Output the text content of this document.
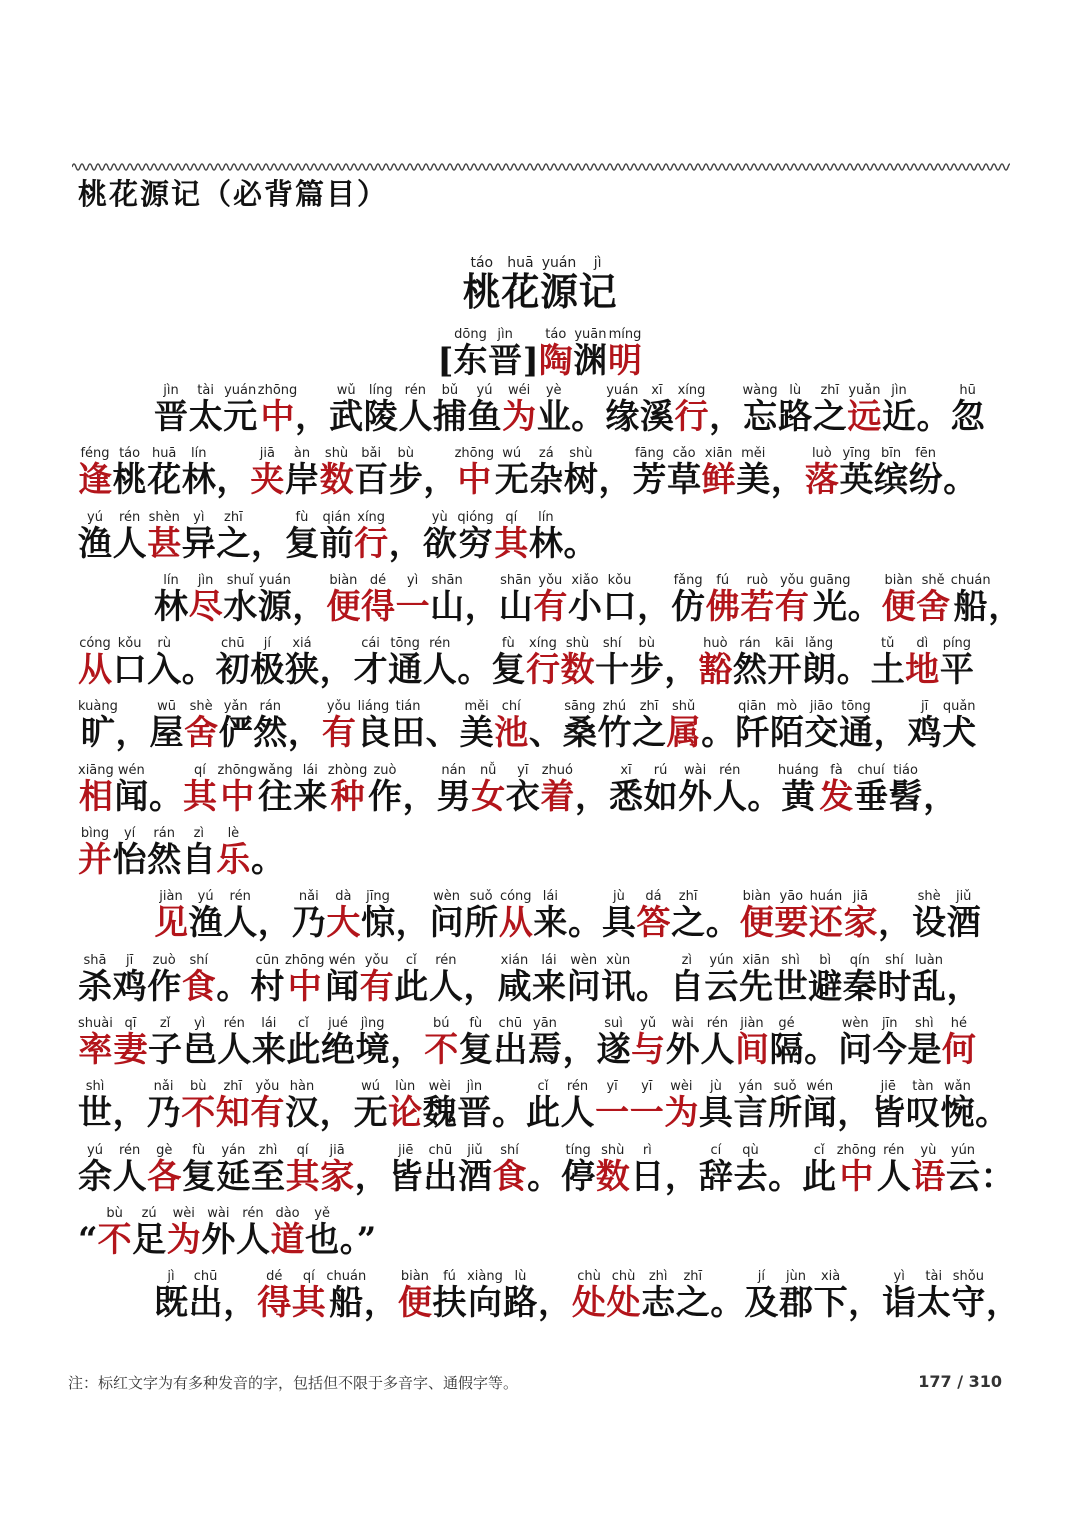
桃花源记（必背篇目）
桃táo花huā源yuán记jì
[东dōng晋jìn]陶táo渊yuān明míng
晋jìn太tài元yuán中zhōng，武wǔ陵líng人rén捕bǔ鱼yú为wéi业yè。缘yuán溪xī行xíng，忘wàng路lù之zhī远yuǎn近jìn。忽hū
逢féng桃táo花huā林lín，夹jiā岸àn数shù百bǎi步bù，中zhōng无wú杂zá树shù，芳fāng草cǎo鲜xiān美měi，落luò英yīng缤bīn纷fēn。
渔yú人rén甚shèn异yì之zhī，复fù前qián行xíng，欲yù穷qióng其qí林lín。
林lín尽jìn水shuǐ源yuán，便biàn得dé一yì山shān，山shān有yǒu小xiǎo口kǒu，仿fǎng佛fú若ruò有yǒu光guāng。便biàn舍shě船chuán，
从cóng口kǒu入rù。初chū极jí狭xiá，才cái通tōng人rén。复fù行xíng数shù十shí步bù，豁huò然rán开kāi朗lǎng。土tǔ地dì平píng
旷kuàng，屋wū舍shè俨yǎn然rán，有yǒu良liáng田tián、美měi池chí、桑sāng竹zhú之zhī属shǔ。阡qiān陌mò交jiāo通tōng，鸡jī犬quǎn
相xiāng闻wén。其qí中zhōng往wǎng来lái种zhòng作zuò，男nán女nǚ衣yī着zhuó，悉xī如rú外wài人rén。黄huáng发fà垂chuí髫tiáo，
并bìng怡yí然rán自zì乐lè。
见jiàn渔yú人rén，乃nǎi大dà惊jīng，问wèn所suǒ从cóng来lái。具jù答dá之zhī。便biàn要yāo还huán家jiā，设shè酒jiǔ
杀shā鸡jī作zuò食shí。村cūn中zhōng闻wén有yǒu此cǐ人rén，咸xián来lái问wèn讯xùn。自zì云yún先xiān世shì避bì秦qín时shí乱luàn，
率shuài妻qī子zǐ邑yì人rén来lái此cǐ绝jué境jìng，不bú复fù出chū焉yān，遂suì与yǔ外wài人rén间jiàn隔gé。问wèn今jīn是shì何hé
世shì，乃nǎi不bù知zhī有yǒu汉hàn，无wú论lùn魏wèi晋jìn。此cǐ人rén一yī一yī为wèi具jù言yán所suǒ闻wén，皆jiē叹tàn惋wǎn。
余yú人rén各gè复fù延yán至zhì其qí家jiā，皆jiē出chū酒jiǔ食shí。停tíng数shù日rì，辞cí去qù。此cǐ中zhōng人rén语yù云yún：
“不bù足zú为wèi外wài人rén道dào也yě。”
既jì出chū，得dé其qí船chuán，便biàn扶fú向xiàng路lù，处chù处chù志zhì之zhī。及jí郡jùn下xià，诣yì太tài守shǒu，
注：标红文字为有多种发音的字，包括但不限于多音字、通假字等。	177 / 310
